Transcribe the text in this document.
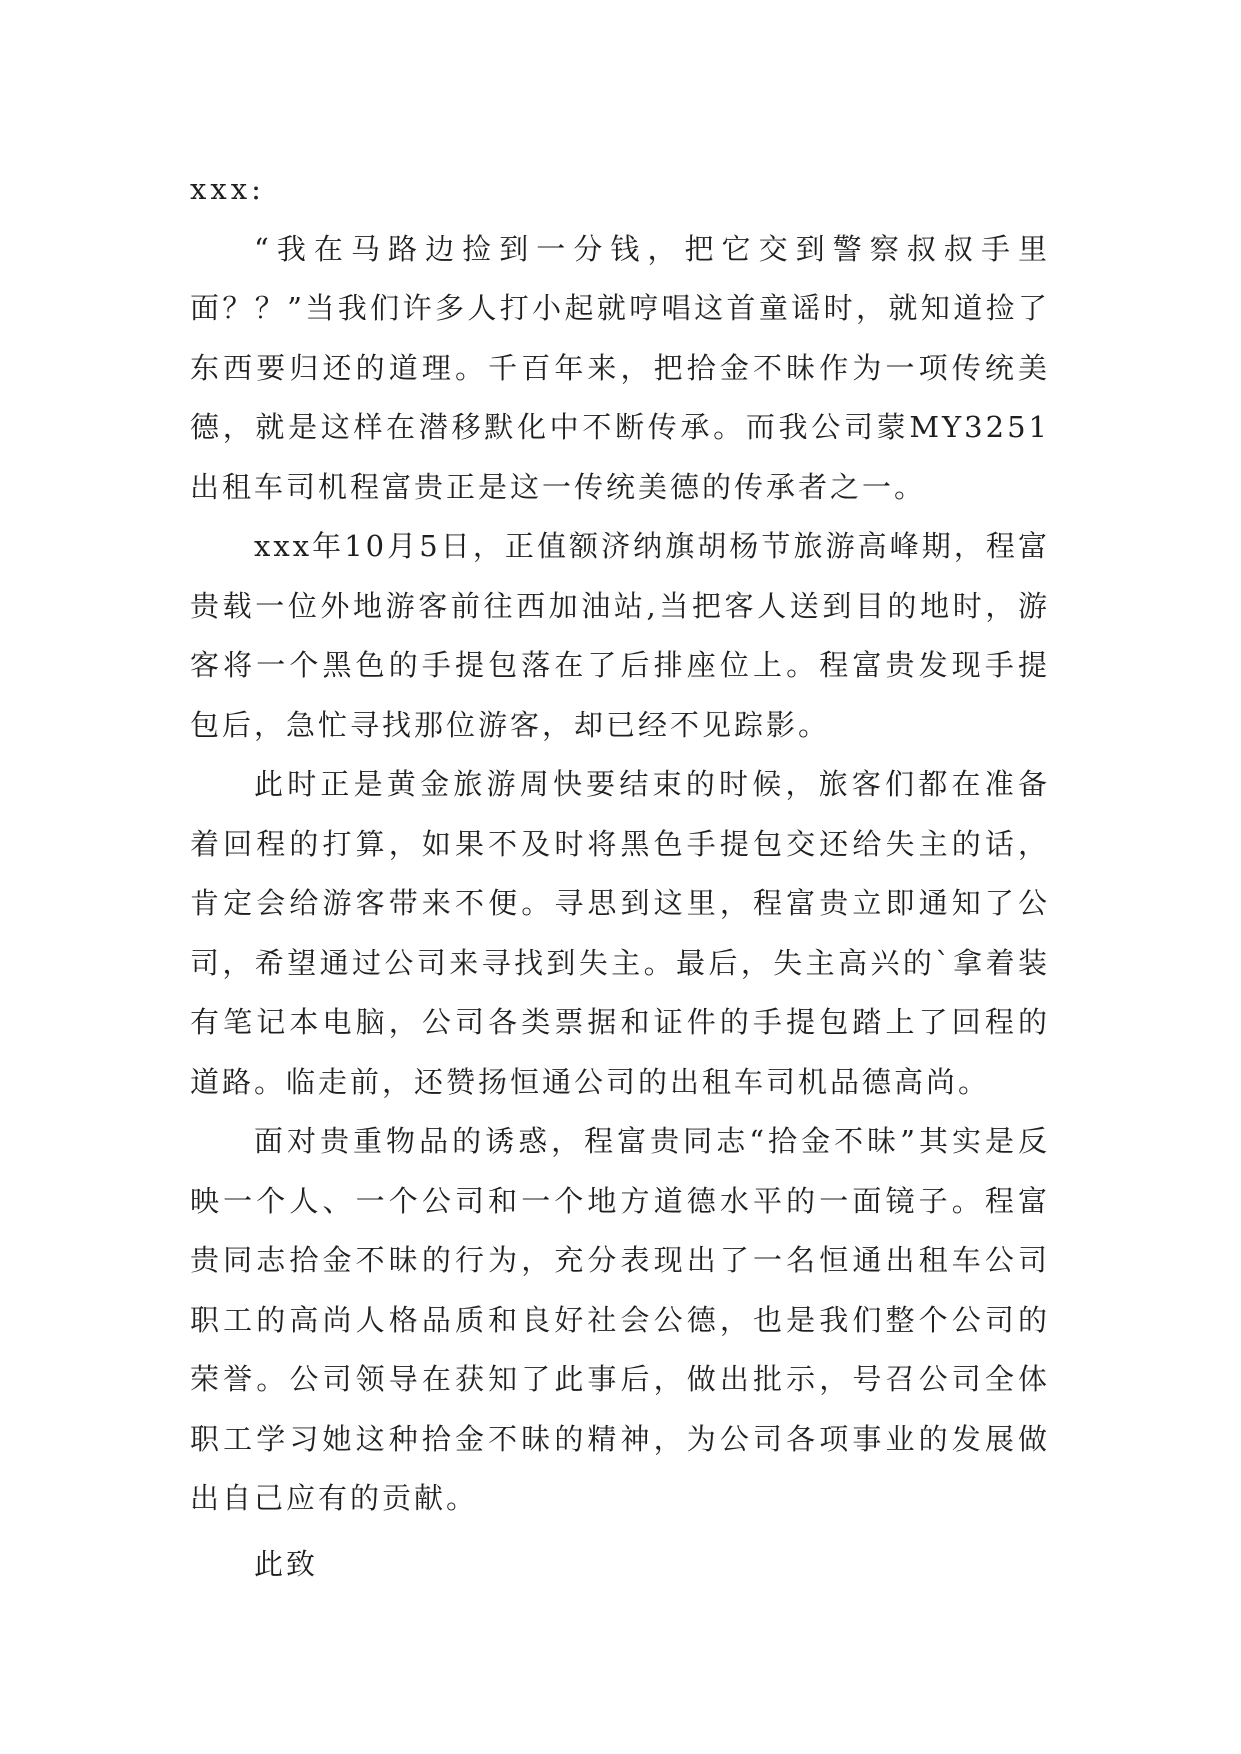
xxx:

“我在马路边捡到一分钱，把它交到警察叔叔手里面？？”当我们许多人打小起就哼唱这首童谣时，就知道捡了东西要归还的道理。千百年来，把拾金不昧作为一项传统美德，就是这样在潜移默化中不断传承。而我公司蒙MY3251出租车司机程富贵正是这一传统美德的传承者之一。

xxx年10月5日，正值额济纳旗胡杨节旅游高峰期，程富贵载一位外地游客前往西加油站,当把客人送到目的地时，游客将一个黑色的手提包落在了后排座位上。程富贵发现手提包后，急忙寻找那位游客，却已经不见踪影。

此时正是黄金旅游周快要结束的时候，旅客们都在准备着回程的打算，如果不及时将黑色手提包交还给失主的话，肯定会给游客带来不便。寻思到这里，程富贵立即通知了公司，希望通过公司来寻找到失主。最后，失主高兴的`拿着装有笔记本电脑，公司各类票据和证件的手提包踏上了回程的道路。临走前，还赞扬恒通公司的出租车司机品德高尚。

面对贵重物品的诱惑，程富贵同志“拾金不昧”其实是反映一个人、一个公司和一个地方道德水平的一面镜子。程富贵同志拾金不昧的行为，充分表现出了一名恒通出租车公司职工的高尚人格品质和良好社会公德，也是我们整个公司的荣誉。公司领导在获知了此事后，做出批示，号召公司全体职工学习她这种拾金不昧的精神，为公司各项事业的发展做出自己应有的贡献。

此致
